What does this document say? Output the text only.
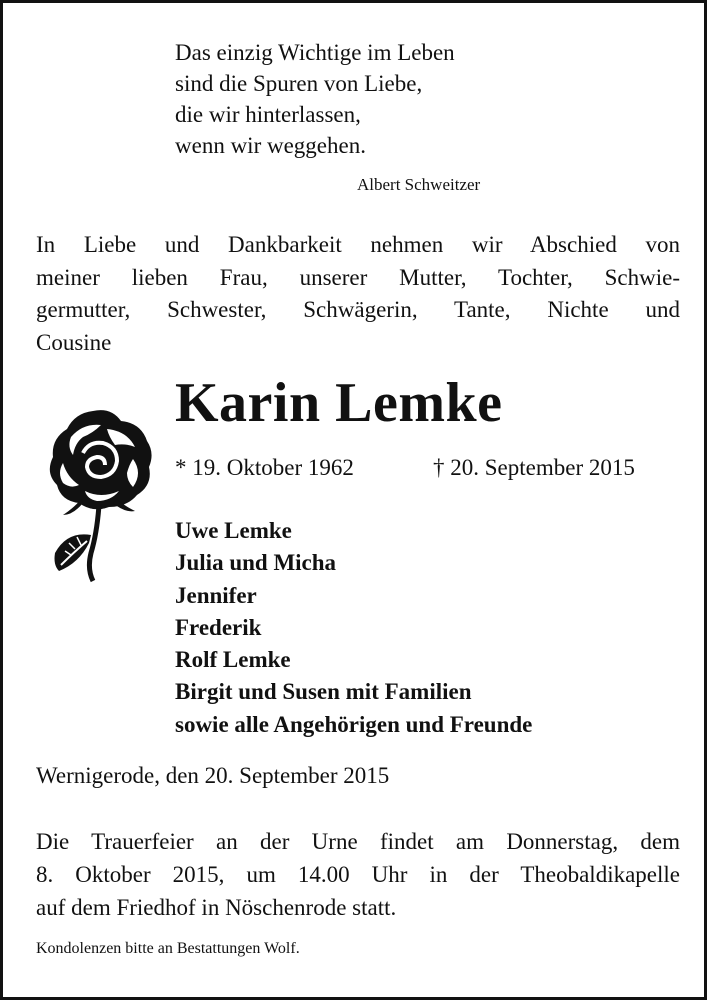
Das einzig Wichtige im Leben
sind die Spuren von Liebe,
die wir hinterlassen,
wenn wir weggehen.
Albert Schweitzer
In Liebe und Dankbarkeit nehmen wir Abschied von
meiner lieben Frau, unserer Mutter, Tochter, Schwie-
germutter, Schwester, Schwägerin, Tante, Nichte und
Cousine
Karin Lemke
* 19. Oktober 1962	† 20. September 2015
Uwe Lemke
Julia und Micha
Jennifer
Frederik
Rolf Lemke
Birgit und Susen mit Familien
sowie alle Angehörigen und Freunde
Wernigerode, den 20. September 2015
Die Trauerfeier an der Urne findet am Donnerstag, dem
8. Oktober 2015, um 14.00 Uhr in der Theobaldikapelle
auf dem Friedhof in Nöschenrode statt.
Kondolenzen bitte an Bestattungen Wolf.
